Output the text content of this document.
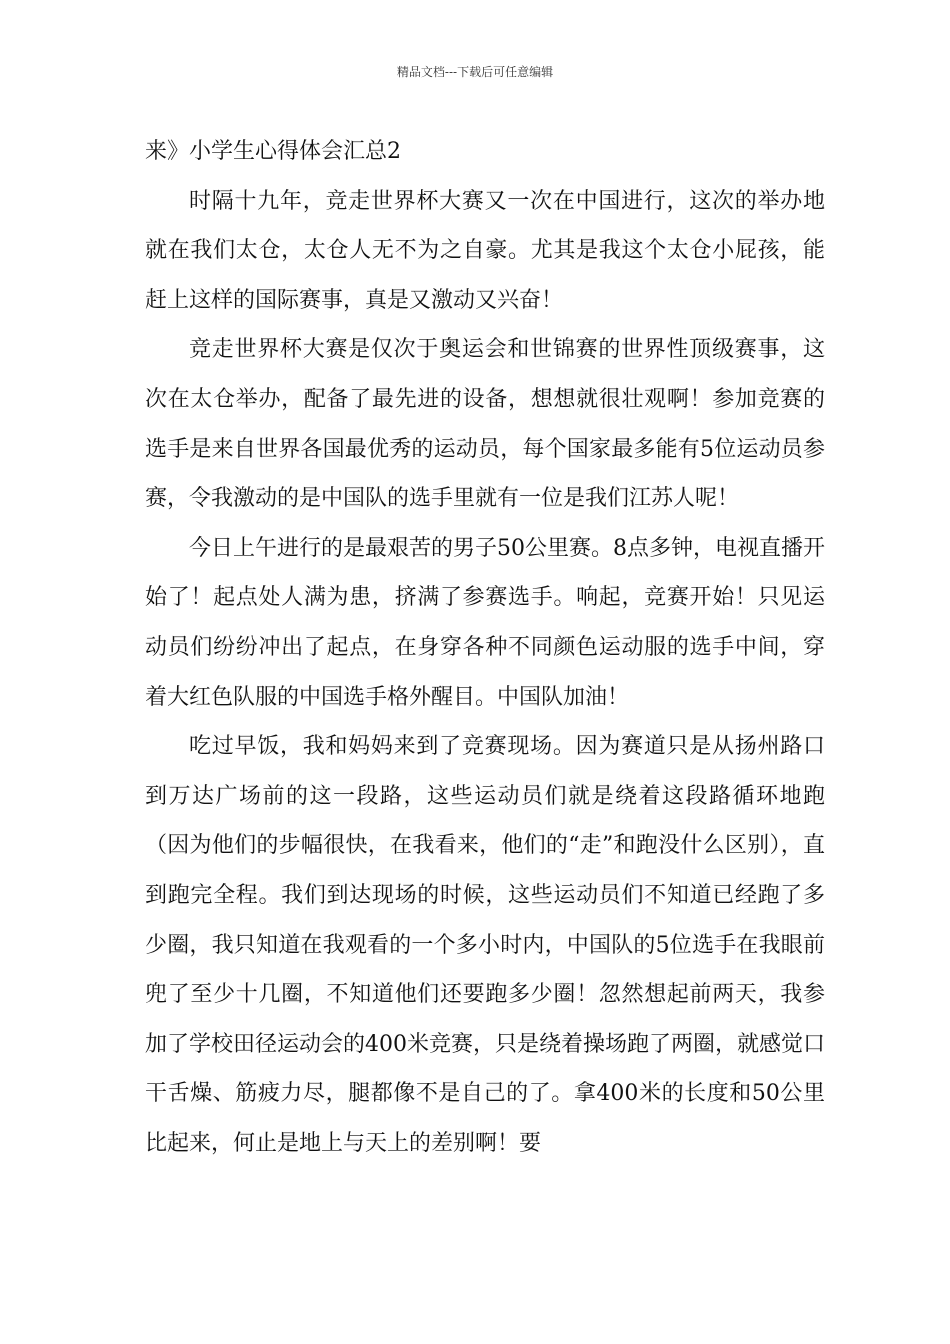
精品文档---下载后可任意编辑

来》小学生心得体会汇总2

时隔十九年，竞走世界杯大赛又一次在中国进行，这次的举办地就在我们太仓，太仓人无不为之自豪。尤其是我这个太仓小屁孩，能赶上这样的国际赛事，真是又激动又兴奋！

竞走世界杯大赛是仅次于奥运会和世锦赛的世界性顶级赛事，这次在太仓举办，配备了最先进的设备，想想就很壮观啊！参加竞赛的选手是来自世界各国最优秀的运动员，每个国家最多能有5位运动员参赛，令我激动的是中国队的选手里就有一位是我们江苏人呢！

今日上午进行的是最艰苦的男子50公里赛。8点多钟，电视直播开始了！起点处人满为患，挤满了参赛选手。响起，竞赛开始！只见运动员们纷纷冲出了起点，在身穿各种不同颜色运动服的选手中间，穿着大红色队服的中国选手格外醒目。中国队加油！

吃过早饭，我和妈妈来到了竞赛现场。因为赛道只是从扬州路口到万达广场前的这一段路，这些运动员们就是绕着这段路循环地跑（因为他们的步幅很快，在我看来，他们的“走”和跑没什么区别），直到跑完全程。我们到达现场的时候，这些运动员们不知道已经跑了多少圈，我只知道在我观看的一个多小时内，中国队的5位选手在我眼前兜了至少十几圈，不知道他们还要跑多少圈！忽然想起前两天，我参加了学校田径运动会的400米竞赛，只是绕着操场跑了两圈，就感觉口干舌燥、筋疲力尽，腿都像不是自己的了。拿400米的长度和50公里比起来，何止是地上与天上的差别啊！要
